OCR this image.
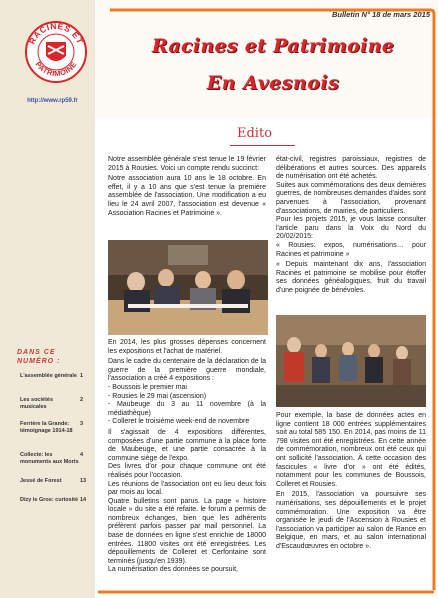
RACINES ET
PATRIMOINE
http://www.rp59.fr
Bulletin N° 18 de mars 2015
Racines et Patrimoine
En Avesnois
Edito
DANS CE NUMÉRO :
L'assemblée générale 1
Les sociétés musicales
2
Ferrière la Grande: témoignage 1914-18
3
Collecte: les monuments aux Morts
4
Jessé de Forest	13
Dizy le Gros: curiosité 14

Notre assemblée générale s'est tenue le 19 février 2015 à Rousies. Voici un compte rendu succinct:

Notre association aura 10 ans le 18 octobre. En effet, il y a 10 ans que s'est tenue la première assemblée de l'association. Une modification a eu lieu le 24 avril 2007, l'association est devenue « Association Racines et Patrimoine ».

En 2014, les plus grosses dépenses concernent les expositions et l'achat de matériel.

Dans le cadre du centenaire de la déclaration de la guerre de la première guerre mondiale, l'association a créé 4 expositions :

- Boussois le premier mai

- Rousies le 29 mai (ascension)

- Maubeuge du 3 au 11 novembre (à la médiathèque)

- Colleret le troisième week-end de novembre

Il s'agissait de 4 expositions différentes, composées d'une partie commune à la place forte de Maubeuge, et une partie consacrée à la commune siège de l'expo.

Des livres d'or pour chaque commune ont été réalisés pour l'occasion.

Les réunions de l'association ont eu lieu deux fois par mois au local.

Quatre bulletins sont parus. La page « histoire locale » du site a été refaite. le forum a permis de nombreux échanges, bien que les adhérents préfèrent parfois passer par mail personnel. La base de données en ligne s'est enrichie de 18000 entrées. 11800 visites ont été enregistrées. Les dépouillements de Colleret et Cerfontaine sont terminés (jusqu'en 1939).

La numérisation des données se poursuit,

état-civil, registres paroissiaux, registres de délibérations et autres sources. Des appareils de numérisation ont été achetés.

Suites aux commémorations des deux dernières guerres, de nombreuses demandes d'aides sont parvenues à l'association, provenant d'associations, de mairies, de particuliers.

Pour les projets 2015, je vous laisse consulter l'article paru dans la Voix du Nord du 20/02/2015:

« Rousies: expos, numérisations… pour Racines et patrimoine »

« Depuis maintenant dix ans, l'association Racines et patrimoine se mobilise pour étoffer ses données généalogiques, fruit du travail d'une poignée de bénévoles.

Pour exemple, la base de données actes en ligne contient 18 000 entrées supplémentaires soit au total 585 150. En 2014, pas moins de 11 798 visites ont été enregistrées. En cette année de commémoration, nombreux ont été ceux qui ont sollicité l'association. À cette occasion des fascicules « livre d'or » ont été édités, notamment pour les communes de Boussois, Colleret et Rousies.

En 2015, l'association va poursuivre ses numérisations, ses dépouillements et le projet commémoration. Une exposition va être organisée le jeudi de l'Ascension à Rousies et l'association va participer au salon de Rance en Belgique, en mars, et au salon international d'Escaudœuvres en octobre ».
